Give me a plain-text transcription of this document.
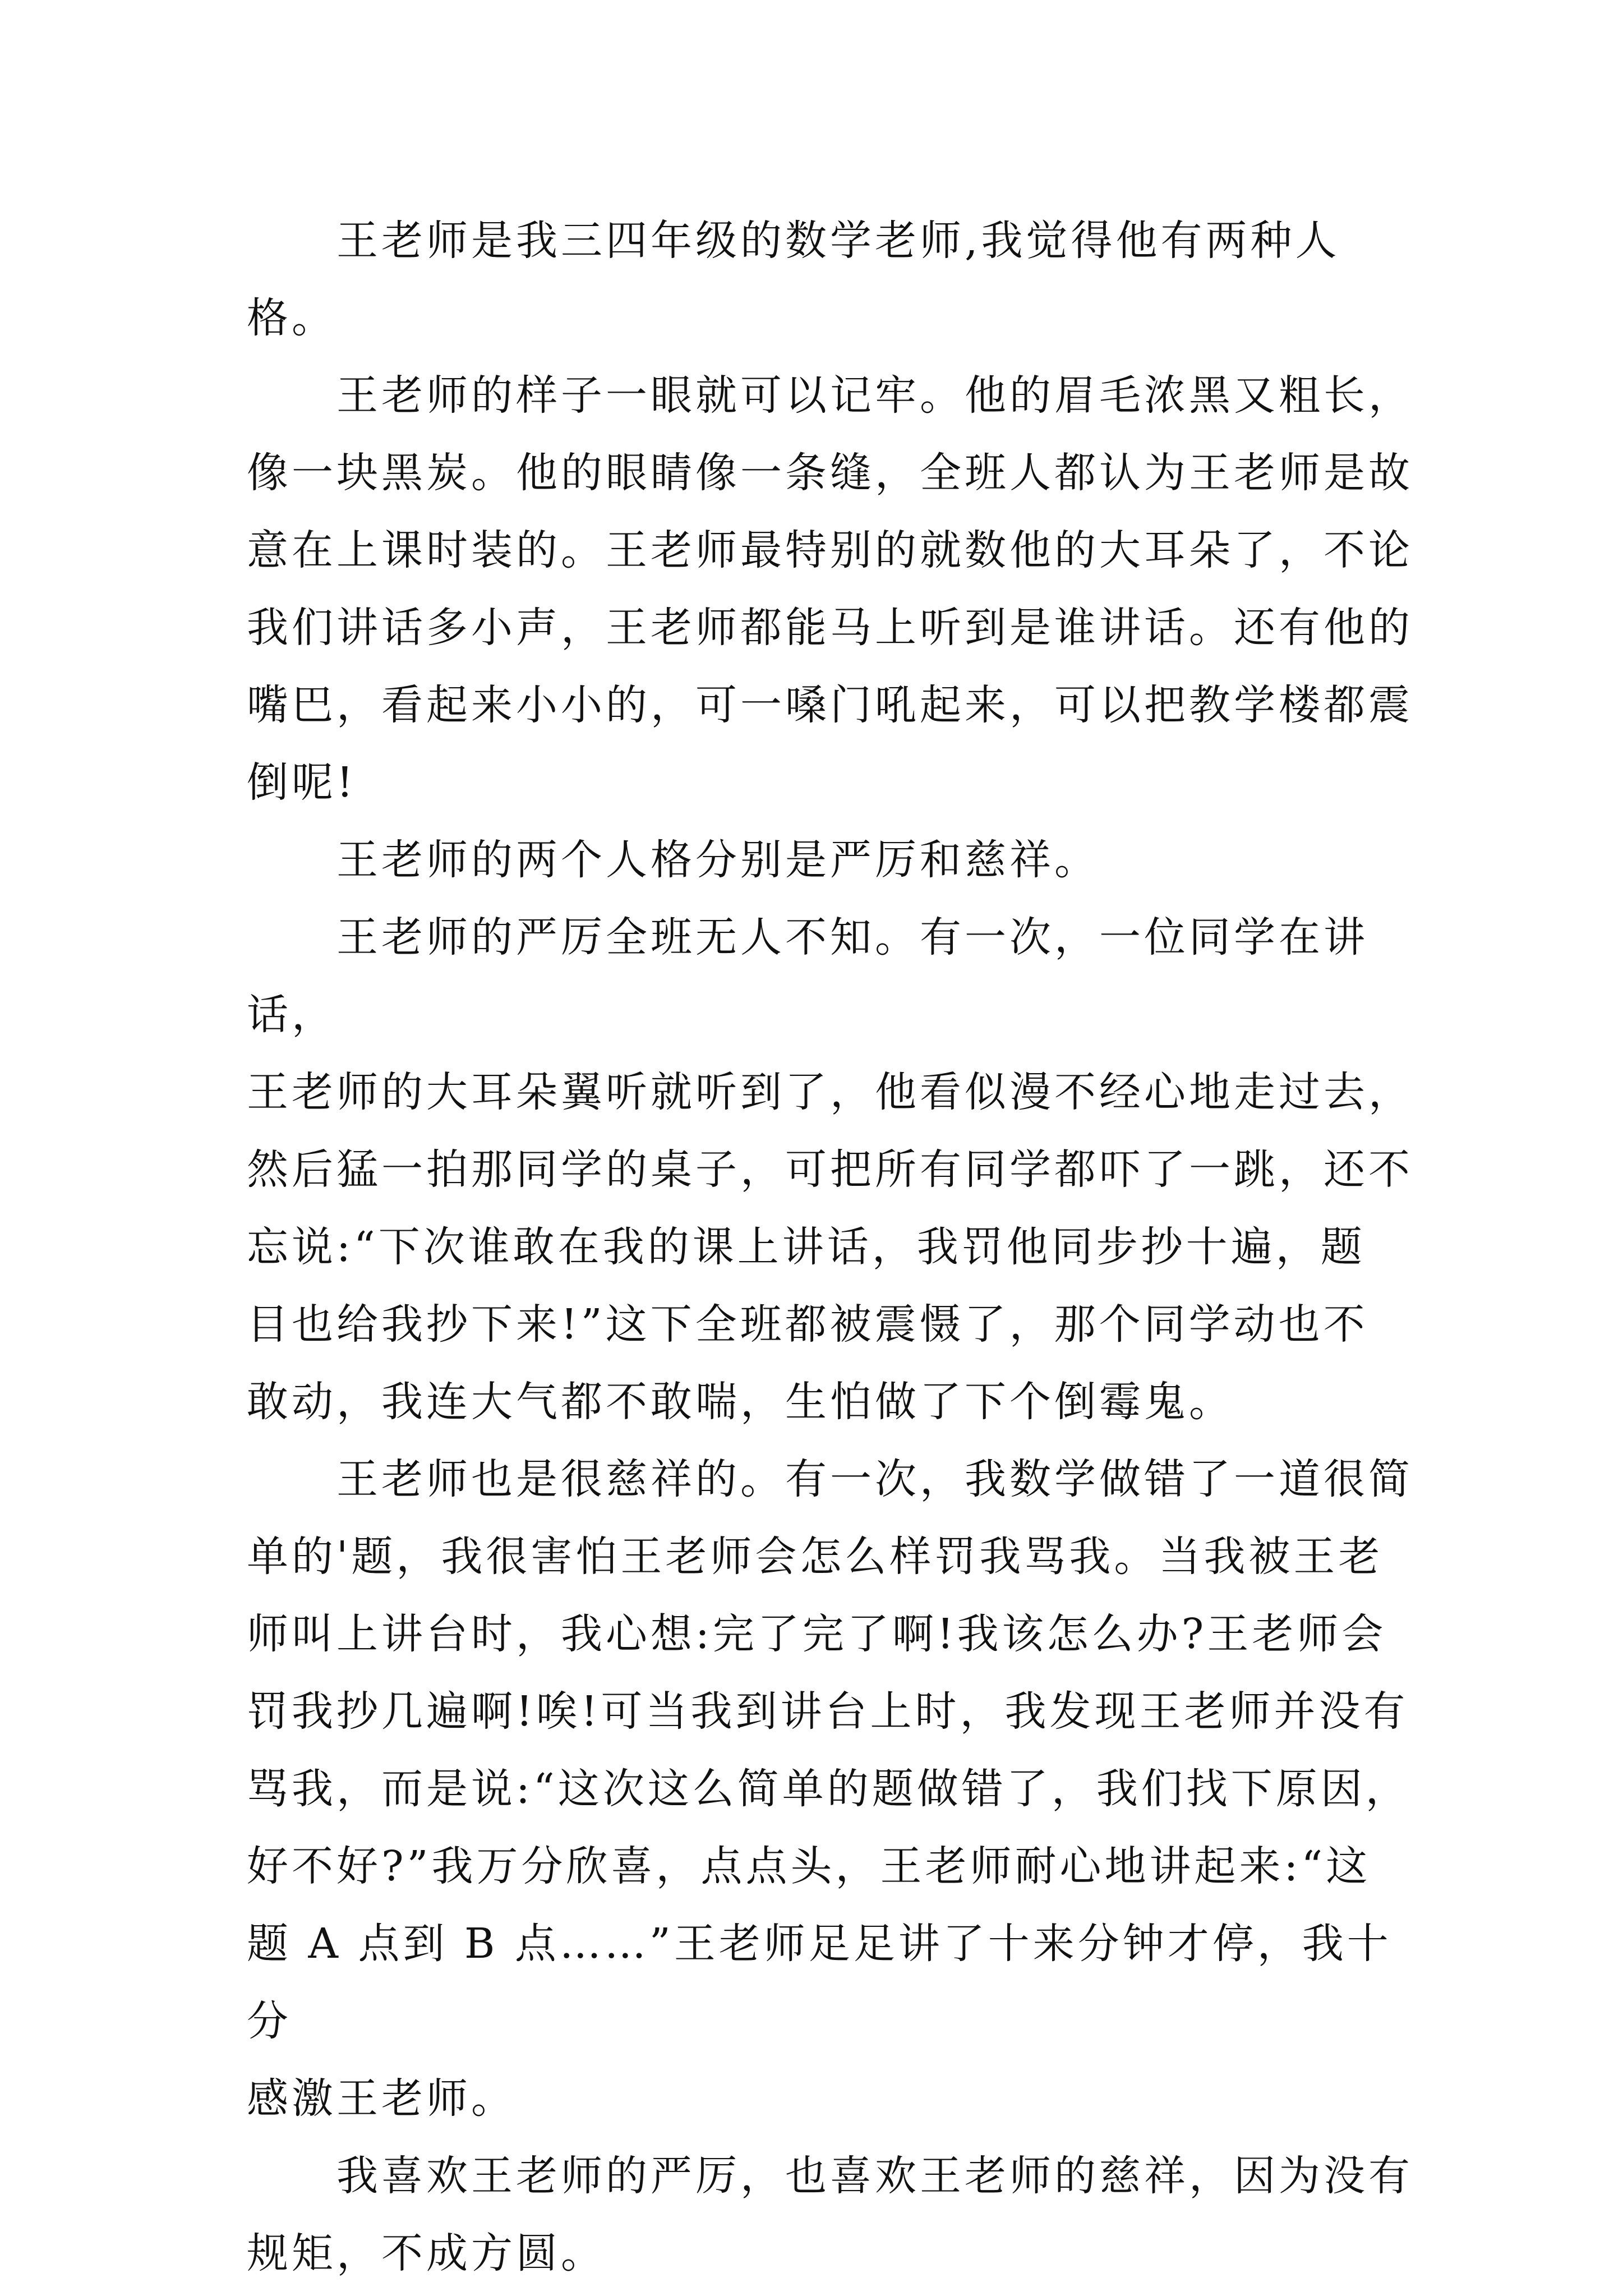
王老师是我三四年级的数学老师,我觉得他有两种人格。

王老师的样子一眼就可以记牢。他的眉毛浓黑又粗长，
像一块黑炭。他的眼睛像一条缝，全班人都认为王老师是故
意在上课时装的。王老师最特别的就数他的大耳朵了，不论
我们讲话多小声，王老师都能马上听到是谁讲话。还有他的
嘴巴，看起来小小的，可一嗓门吼起来，可以把教学楼都震
倒呢!

王老师的两个人格分别是严厉和慈祥。

王老师的严厉全班无人不知。有一次，一位同学在讲话，
王老师的大耳朵翼听就听到了，他看似漫不经心地走过去，
然后猛一拍那同学的桌子，可把所有同学都吓了一跳，还不
忘说:“下次谁敢在我的课上讲话，我罚他同步抄十遍，题
目也给我抄下来!”这下全班都被震慑了，那个同学动也不
敢动，我连大气都不敢喘，生怕做了下个倒霉鬼。

王老师也是很慈祥的。有一次，我数学做错了一道很简
单的'题，我很害怕王老师会怎么样罚我骂我。当我被王老
师叫上讲台时，我心想:完了完了啊!我该怎么办?王老师会
罚我抄几遍啊!唉!可当我到讲台上时，我发现王老师并没有
骂我，而是说:“这次这么简单的题做错了，我们找下原因，
好不好?”我万分欣喜，点点头，王老师耐心地讲起来:“这
题 A 点到 B 点……”王老师足足讲了十来分钟才停，我十分
感激王老师。

我喜欢王老师的严厉，也喜欢王老师的慈祥，因为没有
规矩，不成方圆。
